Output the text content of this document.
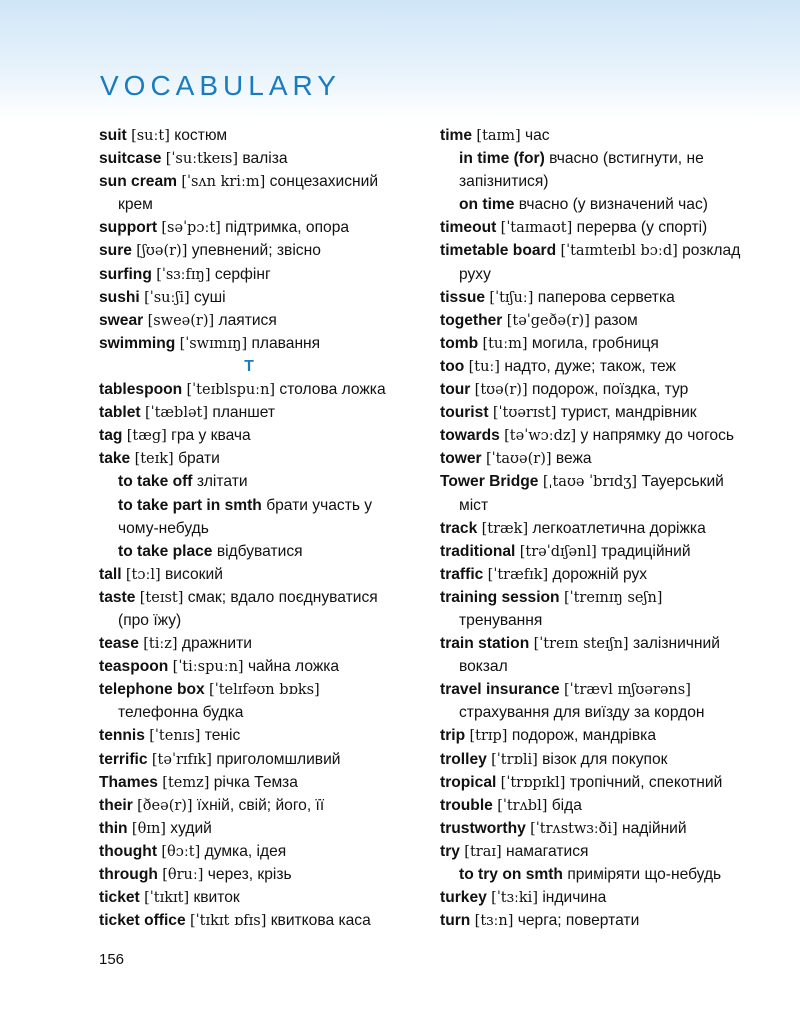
VOCABULARY
suit [suːt] костюм
suitcase [ˈsuːtkeɪs] валіза
sun cream [ˈsʌn kriːm] сонцезахисний
крем
support [səˈpɔːt] підтримка, опора
sure [ʃʊə(r)] упевнений; звісно
surfing [ˈsɜːfɪŋ] серфінг
sushi [ˈsuːʃi] суші
swear [sweə(r)] лаятися
swimming [ˈswɪmɪŋ] плавання
T
tablespoon [ˈteɪblspuːn] столова ложка
tablet [ˈtæblət] планшет
tag [tæg] гра у квача
take [teɪk] брати
to take off злітати
to take part in smth брати участь у
чому-небудь
to take place відбуватися
tall [tɔːl] високий
taste [teɪst] смак; вдало поєднуватися
(про їжу)
tease [tiːz] дражнити
teaspoon [ˈtiːspuːn] чайна ложка
telephone box [ˈtelɪfəʊn bɒks]
телефонна будка
tennis [ˈtenɪs] теніс
terrific [təˈrɪfɪk] приголомшливий
Thames [temz] річка Темза
their [ðeə(r)] їхній, свій; його, її
thin [θɪn] худий
thought [θɔːt] думка, ідея
through [θruː] через, крізь
ticket [ˈtɪkɪt] квиток
ticket office [ˈtɪkɪt ɒfɪs] квиткова каса
time [taɪm] час
in time (for) вчасно (встигнути, не
запізнитися)
on time вчасно (у визначений час)
timeout [ˈtaɪmaʊt] перерва (у спорті)
timetable board [ˈtaɪmteɪbl bɔːd] розклад
руху
tissue [ˈtɪʃuː] паперова серветка
together [təˈgeðə(r)] разом
tomb [tuːm] могила, гробниця
too [tuː] надто, дуже; також, теж
tour [tʊə(r)] подорож, поїздка, тур
tourist [ˈtʊərɪst] турист, мандрівник
towards [təˈwɔːdz] у напрямку до чогось
tower [ˈtaʊə(r)] вежа
Tower Bridge [ˌtaʊə ˈbrɪdʒ] Тауерський
міст
track [træk] легкоатлетична доріжка
traditional [trəˈdɪʃənl] традиційний
traffic [ˈtræfɪk] дорожній рух
training session [ˈtreɪnɪŋ seʃn]
тренування
train station [ˈtreɪn steɪʃn] залізничний
вокзал
travel insurance [ˈtrævl ɪnʃʊərəns]
страхування для виїзду за кордон
trip [trɪp] подорож, мандрівка
trolley [ˈtrɒli] візок для покупок
tropical [ˈtrɒpɪkl] тропічний, спекотний
trouble [ˈtrʌbl] біда
trustworthy [ˈtrʌstwɜːði] надійний
try [traɪ] намагатися
to try on smth приміряти що-небудь
turkey [ˈtɜːki] індичина
turn [tɜːn] черга; повертати
156
